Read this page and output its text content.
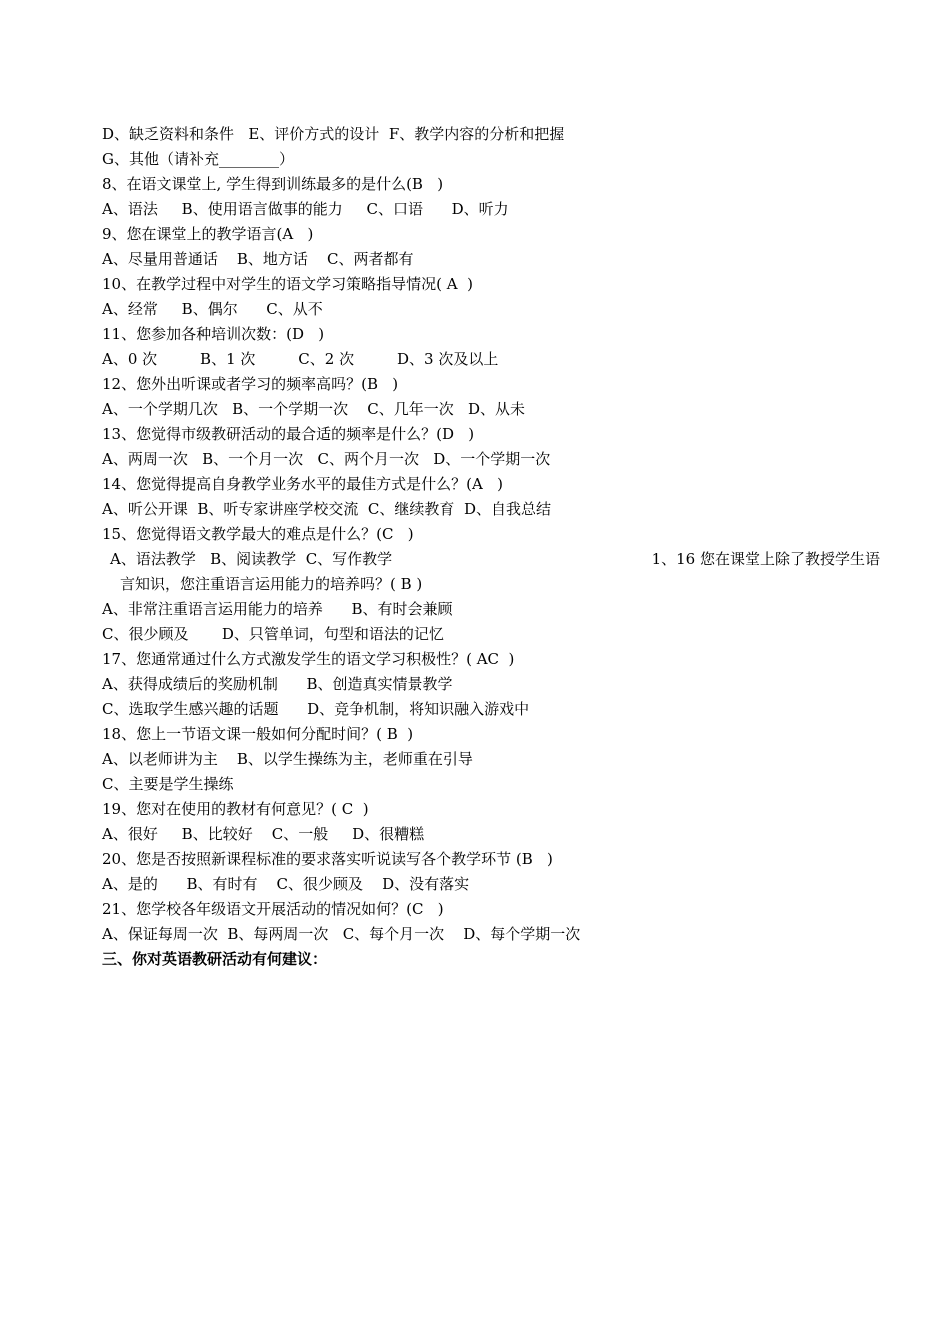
D、缺乏资料和条件   E、评价方式的设计  F、教学内容的分析和把握
G、其他（请补充________）
8、在语文课堂上, 学生得到训练最多的是什么(B   )
A、语法     B、使用语言做事的能力     C、口语      D、听力
9、您在课堂上的教学语言(A   )
A、尽量用普通话    B、地方话    C、两者都有
10、在教学过程中对学生的语文学习策略指导情况( A  )
A、经常     B、偶尔      C、从不
11、您参加各种培训次数：(D   )
A、0 次         B、1 次         C、2 次         D、3 次及以上
12、您外出听课或者学习的频率高吗？(B   )
A、一个学期几次   B、一个学期一次    C、几年一次   D、从未
13、您觉得市级教研活动的最合适的频率是什么？(D   )
A、两周一次   B、一个月一次   C、两个月一次   D、一个学期一次
14、您觉得提高自身教学业务水平的最佳方式是什么？(A   )
A、听公开课  B、听专家讲座学校交流  C、继续教育  D、自我总结
15、您觉得语文教学最大的难点是什么？(C   )
A、语法教学   B、阅读教学  C、写作教学	1、16 您在课堂上除了教授学生语
言知识，您注重语言运用能力的培养吗？( B )
A、非常注重语言运用能力的培养      B、有时会兼顾
C、很少顾及       D、只管单词，句型和语法的记忆
17、您通常通过什么方式激发学生的语文学习积极性？( AC  )
A、获得成绩后的奖励机制      B、创造真实情景教学
C、选取学生感兴趣的话题      D、竞争机制，将知识融入游戏中
18、您上一节语文课一般如何分配时间？( B  )
A、以老师讲为主    B、以学生操练为主，老师重在引导
C、主要是学生操练
19、您对在使用的教材有何意见？( C  )
A、很好     B、比较好    C、一般     D、很糟糕
20、您是否按照新课程标准的要求落实听说读写各个教学环节 (B   )
A、是的      B、有时有    C、很少顾及    D、没有落实
21、您学校各年级语文开展活动的情况如何？(C   )
A、保证每周一次  B、每两周一次   C、每个月一次    D、每个学期一次
三、你对英语教研活动有何建议：
